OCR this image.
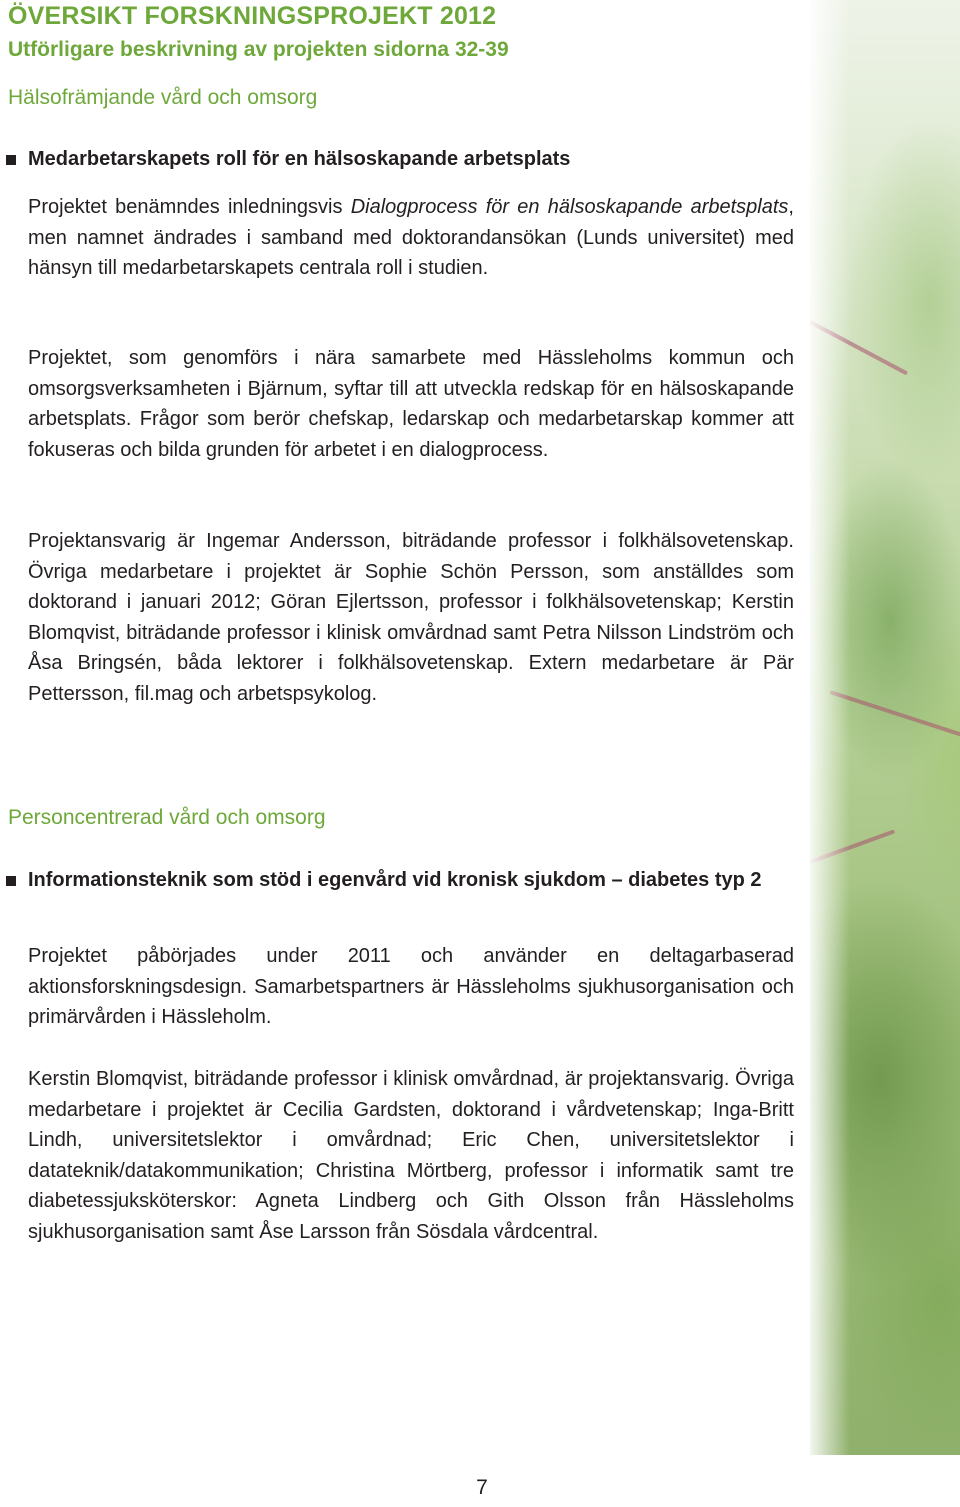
ÖVERSIKT FORSKNINGSPROJEKT 2012
Utförligare beskrivning av projekten sidorna 32-39
Hälsofrämjande vård och omsorg
Medarbetarskapets roll för en hälsoskapande arbetsplats

Projektet benämndes inledningsvis Dialogprocess för en hälsoskapande arbetsplats, men namnet ändrades i samband med doktorandansökan (Lunds universitet) med hänsyn till medarbetarskapets centrala roll i studien.

Projektet, som genomförs i nära samarbete med Hässleholms kommun och omsorgsverksamheten i Bjärnum, syftar till att utveckla redskap för en hälsoskapande arbetsplats. Frågor som berör chefskap, ledarskap och medarbetarskap kommer att fokuseras och bilda grunden för arbetet i en dialogprocess.

Projektansvarig är Ingemar Andersson, biträdande professor i folkhälsovetenskap. Övriga medarbetare i projektet är Sophie Schön Persson, som anställdes som doktorand i januari 2012; Göran Ejlertsson, professor i folkhälsovetenskap; Kerstin Blomqvist, biträdande professor i klinisk omvårdnad samt Petra Nilsson Lindström och Åsa Bringsén, båda lektorer i folkhälsovetenskap. Extern medarbetare är Pär Pettersson, fil.mag och arbetspsykolog.

Personcentrerad vård och omsorg
Informationsteknik som stöd i egenvård vid kronisk sjukdom – diabetes typ 2

Projektet påbörjades under 2011 och använder en deltagarbaserad aktionsforskningsdesign. Samarbetspartners är Hässleholms sjukhusorganisation och primärvården i Hässleholm.

Kerstin Blomqvist, biträdande professor i klinisk omvårdnad, är projektansvarig. Övriga medarbetare i projektet är Cecilia Gardsten, doktorand i vårdvetenskap; Inga-Britt Lindh, universitetslektor i omvårdnad; Eric Chen, universitetslektor i datateknik/datakommunikation; Christina Mörtberg, professor i informatik samt tre diabetessjuksköterskor: Agneta Lindberg och Gith Olsson från Hässleholms sjukhusorganisation samt Åse Larsson från Sösdala vårdcentral.

7
